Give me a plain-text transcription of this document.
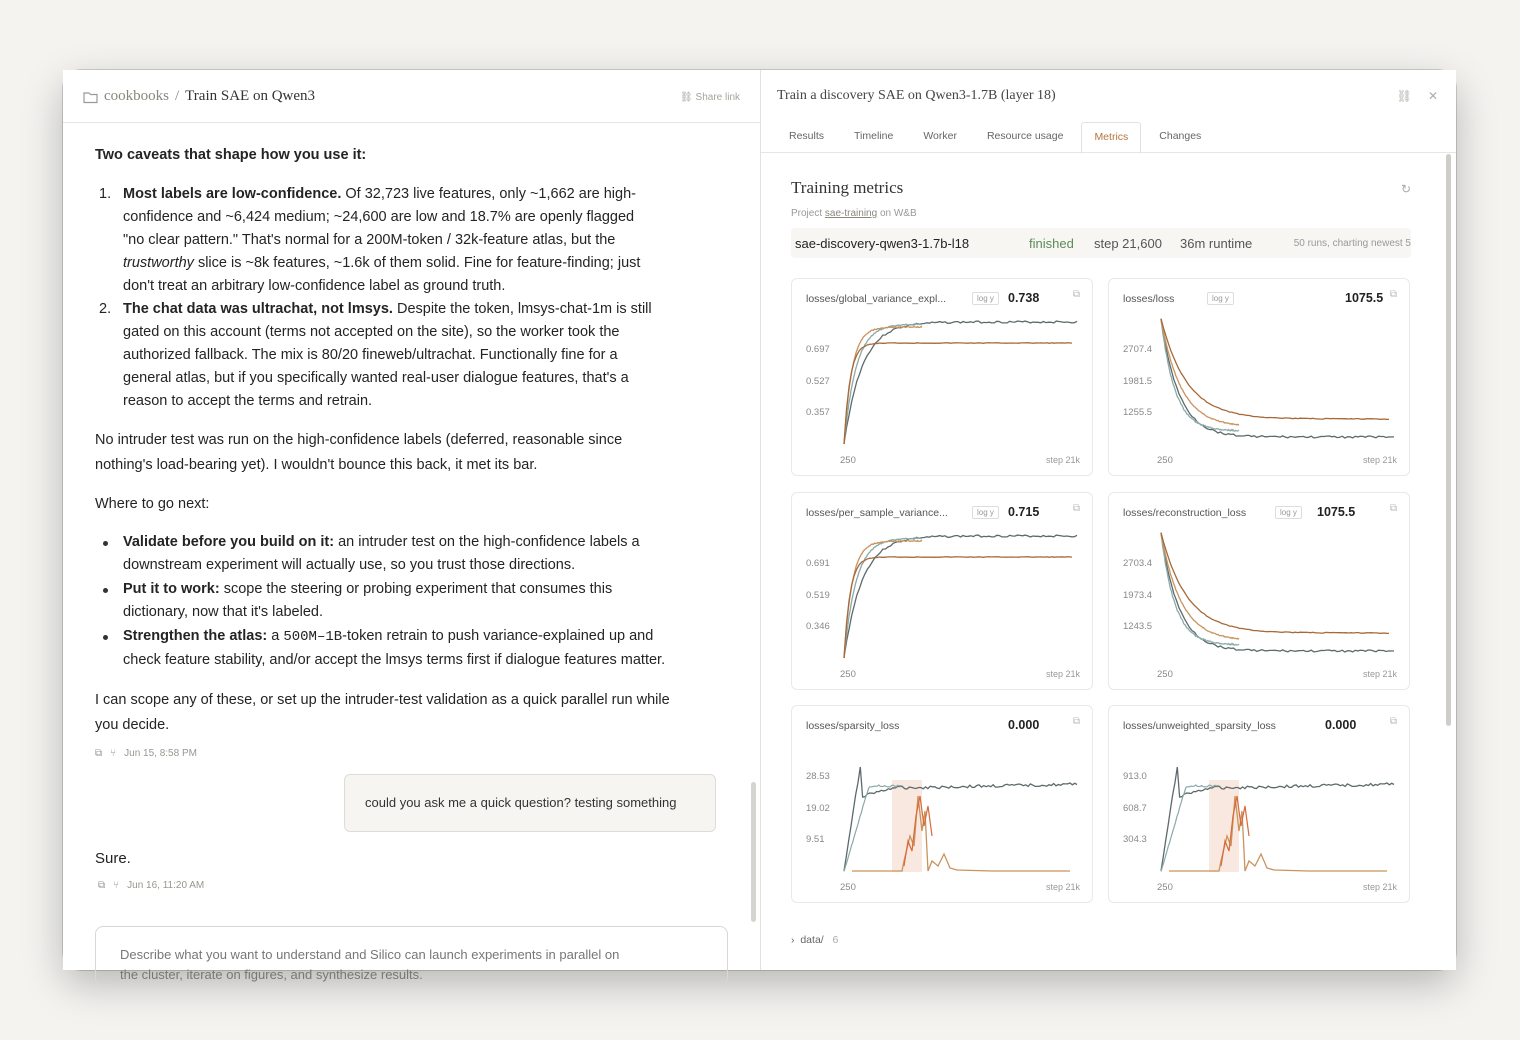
cookbooks / Train SAE on Qwen3	⛓ Share link

Two caveats that shape how you use it:

1. Most labels are low-confidence. Of 32,723 live features, only ~1,662 are high-
confidence and ~6,424 medium; ~24,600 are low and 18.7% are openly flagged
"no clear pattern." That's normal for a 200M-token / 32k-feature atlas, but the
trustworthy slice is ~8k features, ~1.6k of them solid. Fine for feature-finding; just
don't treat an arbitrary low-confidence label as ground truth.
2. The chat data was ultrachat, not lmsys. Despite the token, lmsys-chat-1m is still
gated on this account (terms not accepted on the site), so the worker took the
authorized fallback. The mix is 80/20 fineweb/ultrachat. Functionally fine for a
general atlas, but if you specifically wanted real-user dialogue features, that's a
reason to accept the terms and retrain.

No intruder test was run on the high-confidence labels (deferred, reasonable since
nothing's load-bearing yet). I wouldn't bounce this back, it met its bar.

Where to go next:

Validate before you build on it: an intruder test on the high-confidence labels a
downstream experiment will actually use, so you trust those directions.
Put it to work: scope the steering or probing experiment that consumes this
dictionary, now that it's labeled.
Strengthen the atlas: a 500M–1B-token retrain to push variance-explained up and
check feature stability, and/or accept the lmsys terms first if dialogue features matter.

I can scope any of these, or set up the intruder-test validation as a quick parallel run while
you decide.

⧉ ⑂ Jun 15, 8:58 PM
could you ask me a quick question? testing something
Sure.
⧉ ⑂ Jun 16, 11:20 AM
Describe what you want to understand and Silico can launch experiments in parallel on
the cluster, iterate on figures, and synthesize results.
Train a discovery SAE on Qwen3-1.7B (layer 18)	⛓ ✕
Results	Timeline	Worker	Resource usage	Metrics	Changes
Training metrics	↻
Project sae-training on W&B
sae-discovery-qwen3-1.7b-l18	finished step 21,600 36m runtime	50 runs, charting newest 5
losses/global_variance_expl...	log y	0.738	⧉
0.697
0.527
0.357
250	step 21k
losses/loss	log y	1075.5 ⧉
2707.4
1981.5
1255.5
250	step 21k
losses/per_sample_variance...	log y	0.715	⧉
0.691
0.519
0.346
250	step 21k
losses/reconstruction_loss	log y	1075.5	⧉
2703.4
1973.4
1243.5
250	step 21k
losses/sparsity_loss	0.000	⧉
28.53
19.02
9.51
250	step 21k
losses/unweighted_sparsity_loss	0.000	⧉
913.0
608.7
304.3
250	step 21k
› data/ 6
